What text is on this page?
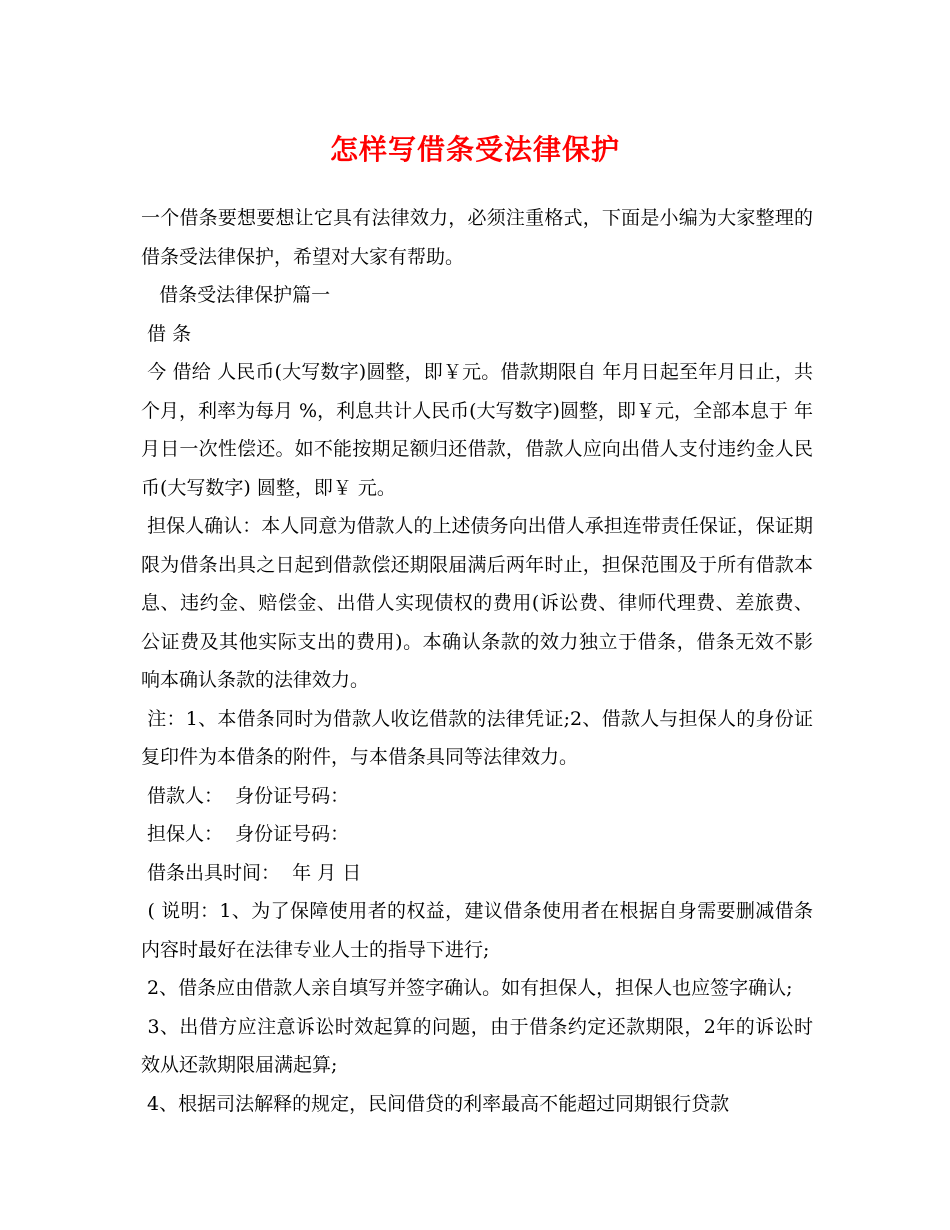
怎样写借条受法律保护

一个借条要想要想让它具有法律效力，必须注重格式，下面是小编为大家整理的借条受法律保护，希望对大家有帮助。

借条受法律保护篇一

借 条

今 借给 人民币(大写数字)圆整，即￥元。借款期限自 年月日起至年月日止，共个月，利率为每月 %，利息共计人民币(大写数字)圆整，即￥元，全部本息于 年月日一次性偿还。如不能按期足额归还借款，借款人应向出借人支付违约金人民币(大写数字) 圆整，即￥ 元。

担保人确认：本人同意为借款人的上述债务向出借人承担连带责任保证，保证期限为借条出具之日起到借款偿还期限届满后两年时止，担保范围及于所有借款本息、违约金、赔偿金、出借人实现债权的费用(诉讼费、律师代理费、差旅费、公证费及其他实际支出的费用)。本确认条款的效力独立于借条，借条无效不影响本确认条款的法律效力。

注：1、本借条同时为借款人收讫借款的法律凭证;2、借款人与担保人的身份证复印件为本借条的附件，与本借条具同等法律效力。

借款人：  身份证号码：

担保人：  身份证号码：

借条出具时间：  年 月 日

( 说明：1、为了保障使用者的权益，建议借条使用者在根据自身需要删减借条内容时最好在法律专业人士的指导下进行;

2、借条应由借款人亲自填写并签字确认。如有担保人，担保人也应签字确认;

3、出借方应注意诉讼时效起算的问题，由于借条约定还款期限，2年的诉讼时效从还款期限届满起算;

4、根据司法解释的规定，民间借贷的利率最高不能超过同期银行贷款
